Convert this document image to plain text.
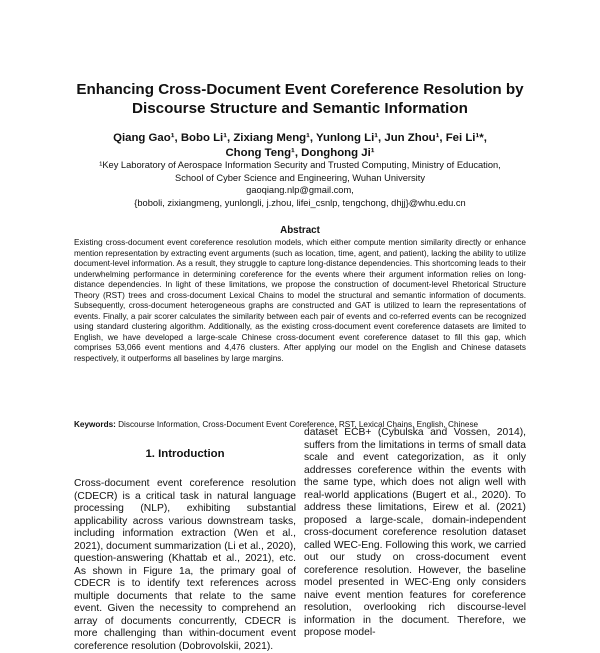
Enhancing Cross-Document Event Coreference Resolution by Discourse Structure and Semantic Information
Qiang Gao¹, Bobo Li¹, Zixiang Meng¹, Yunlong Li¹, Jun Zhou¹, Fei Li¹*,
Chong Teng¹, Donghong Ji¹
¹Key Laboratory of Aerospace Information Security and Trusted Computing, Ministry of Education,
School of Cyber Science and Engineering, Wuhan University
gaoqiang.nlp@gmail.com,
{boboli, zixiangmeng, yunlongli, j.zhou, lifei_csnlp, tengchong, dhjj}@whu.edu.cn
Abstract
Existing cross-document event coreference resolution models, which either compute mention similarity directly or enhance mention representation by extracting event arguments (such as location, time, agent, and patient), lacking the ability to utilize document-level information. As a result, they struggle to capture long-distance dependencies. This shortcoming leads to their underwhelming performance in determining coreference for the events where their argument information relies on long-distance dependencies. In light of these limitations, we propose the construction of document-level Rhetorical Structure Theory (RST) trees and cross-document Lexical Chains to model the structural and semantic information of documents. Subsequently, cross-document heterogeneous graphs are constructed and GAT is utilized to learn the representations of events. Finally, a pair scorer calculates the similarity between each pair of events and co-referred events can be recognized using standard clustering algorithm. Additionally, as the existing cross-document event coreference datasets are limited to English, we have developed a large-scale Chinese cross-document event coreference dataset to fill this gap, which comprises 53,066 event mentions and 4,476 clusters. After applying our model on the English and Chinese datasets respectively, it outperforms all baselines by large margins.
Keywords: Discourse Information, Cross-Document Event Coreference, RST, Lexical Chains, English, Chinese
1. Introduction
Cross-document event coreference resolution (CDECR) is a critical task in natural language processing (NLP), exhibiting substantial applicability across various downstream tasks, including information extraction (Wen et al., 2021), document summarization (Li et al., 2020), question-answering (Khattab et al., 2021), etc. As shown in Figure 1a, the primary goal of CDECR is to identify text references across multiple documents that relate to the same event. Given the necessity to comprehend an array of documents concurrently, CDECR is more challenging than within-document event coreference resolution (Dobrovolskii, 2021).
dataset ECB+ (Cybulska and Vossen, 2014), suffers from the limitations in terms of small data scale and event categorization, as it only addresses coreference within the events with the same type, which does not align well with real-world applications (Bugert et al., 2020). To address these limitations, Eirew et al. (2021) proposed a large-scale, domain-independent cross-document coreference resolution dataset called WEC-Eng. Following this work, we carried out our study on cross-document event coreference resolution. However, the baseline model presented in WEC-Eng only considers naive event mention features for coreference resolution, overlooking rich discourse-level information in the document. Therefore, we propose model-
